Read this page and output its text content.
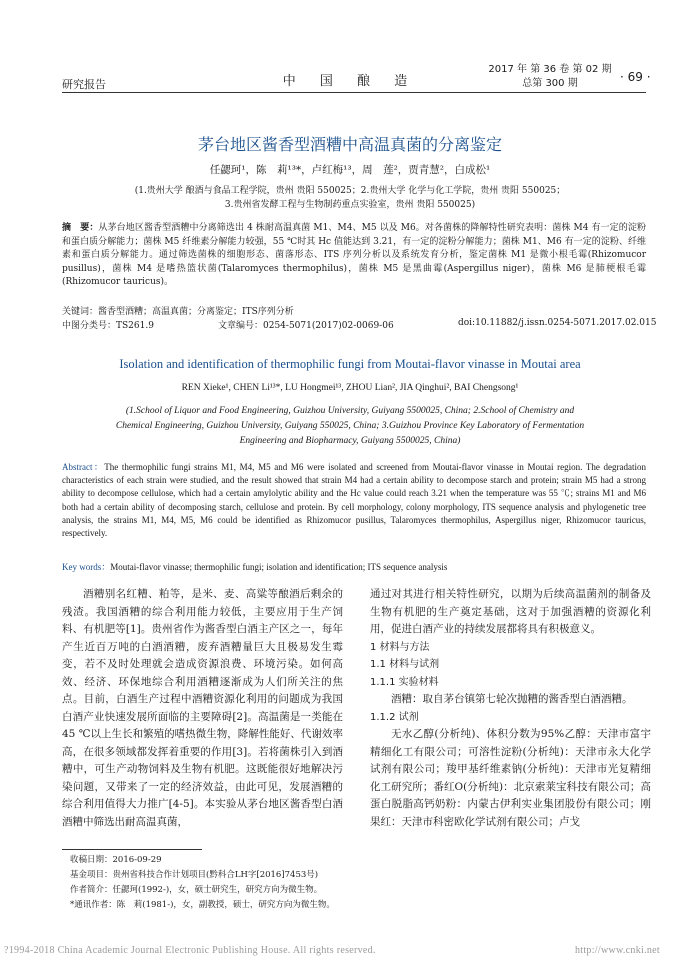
研究报告	中 国 酿 造
2017 年 第 36 卷 第 02 期
总第 300 期	· 69 ·
茅台地区酱香型酒糟中高温真菌的分离鉴定
任勰珂¹，陈　莉¹³*，卢红梅¹³，周　莲²，贾青慧²，白成松¹
(1.贵州大学 酿酒与食品工程学院，贵州 贵阳 550025；2.贵州大学 化学与化工学院，贵州 贵阳 550025；
3.贵州省发酵工程与生物制药重点实验室，贵州 贵阳 550025)
摘　要：从茅台地区酱香型酒糟中分离筛选出 4 株耐高温真菌 M1、M4、M5 以及 M6。对各菌株的降解特性研究表明：菌株 M4 有一定的淀粉和蛋白质分解能力；菌株 M5 纤维素分解能力较强，55 ℃时其 Hc 值能达到 3.21，有一定的淀粉分解能力；菌株 M1、M6 有一定的淀粉、纤维素和蛋白质分解能力。通过筛选菌株的细胞形态、菌落形态、ITS 序列分析以及系统发育分析，鉴定菌株 M1 是微小根毛霉(Rhizomucor pusillus)，菌株 M4 是嗜热篮状菌(Talaromyces thermophilus)，菌株 M5 是黑曲霉(Aspergillus niger)，菌株 M6 是肺梗根毛霉(Rhizomucor tauricus)。
关键词：酱香型酒糟；高温真菌；分离鉴定；ITS序列分析
中图分类号：TS261.9	文章编号：0254-5071(2017)02-0069-06	doi:10.11882/j.issn.0254-5071.2017.02.015
Isolation and identification of thermophilic fungi from Moutai-flavor vinasse in Moutai area
REN Xieke¹, CHEN Li¹³*, LU Hongmei¹³, ZHOU Lian², JIA Qinghui², BAI Chengsong¹
(1.School of Liquor and Food Engineering, Guizhou University, Guiyang 5500025, China; 2.School of Chemistry and
Chemical Engineering, Guizhou University, Guiyang 550025, China; 3.Guizhou Province Key Laboratory of Fermentation
Engineering and Biopharmacy, Guiyang 5500025, China)
Abstract：The thermophilic fungi strains M1, M4, M5 and M6 were isolated and screened from Moutai-flavor vinasse in Moutai region. The degradation characteristics of each strain were studied, and the result showed that strain M4 had a certain ability to decompose starch and protein; strain M5 had a strong ability to decompose cellulose, which had a certain amylolytic ability and the Hc value could reach 3.21 when the temperature was 55 ℃; strains M1 and M6 both had a certain ability of decomposing starch, cellulose and protein. By cell morphology, colony morphology, ITS sequence analysis and phylogenetic tree analysis, the strains M1, M4, M5, M6 could be identified as Rhizomucor pusillus, Talaromyces thermophilus, Aspergillus niger, Rhizomucor tauricus, respectively.
Key words：Moutai-flavor vinasse; thermophilic fungi; isolation and identification; ITS sequence analysis

酒糟别名红糟、粕等，是米、麦、高粱等酿酒后剩余的残渣。我国酒糟的综合利用能力较低，主要应用于生产饲料、有机肥等[1]。贵州省作为酱香型白酒主产区之一，每年产生近百万吨的白酒酒糟，废弃酒糟量巨大且极易发生霉变，若不及时处理就会造成资源浪费、环境污染。如何高效、经济、环保地综合利用酒糟逐渐成为人们所关注的焦点。目前，白酒生产过程中酒糟资源化利用的问题成为我国白酒产业快速发展所面临的主要障碍[2]。高温菌是一类能在45 ℃以上生长和繁殖的嗜热微生物，降解性能好、代谢效率高，在很多领域都发挥着重要的作用[3]。若将菌株引入到酒糟中，可生产动物饲料及生物有机肥。这既能很好地解决污染问题，又带来了一定的经济效益，由此可见，发展酒糟的综合利用值得大力推广[4-5]。本实验从茅台地区酱香型白酒酒糟中筛选出耐高温真菌，

通过对其进行相关特性研究，以期为后续高温菌剂的制备及生物有机肥的生产奠定基础，这对于加强酒糟的资源化利用，促进白酒产业的持续发展都将具有积极意义。

1 材料与方法

1.1 材料与试剂

1.1.1 实验材料

酒糟：取自茅台镇第七轮次抛糟的酱香型白酒酒糟。

1.1.2 试剂

无水乙醇(分析纯)、体积分数为95%乙醇：天津市富宇精细化工有限公司；可溶性淀粉(分析纯)：天津市永大化学试剂有限公司；羧甲基纤维素钠(分析纯)：天津市光复精细化工研究所；番红O(分析纯)：北京索莱宝科技有限公司；高蛋白脱脂高钙奶粉：内蒙古伊利实业集团股份有限公司；刚果红：天津市科密欧化学试剂有限公司；卢戈

收稿日期：2016-09-29
基金项目：贵州省科技合作计划项目(黔科合LH字[2016]7453号)
作者简介：任勰珂(1992-)，女，硕士研究生，研究方向为微生物。
*通讯作者：陈　莉(1981-)，女，副教授，硕士，研究方向为微生物。
?1994-2018 China Academic Journal Electronic Publishing House. All rights reserved.	http://www.cnki.net
